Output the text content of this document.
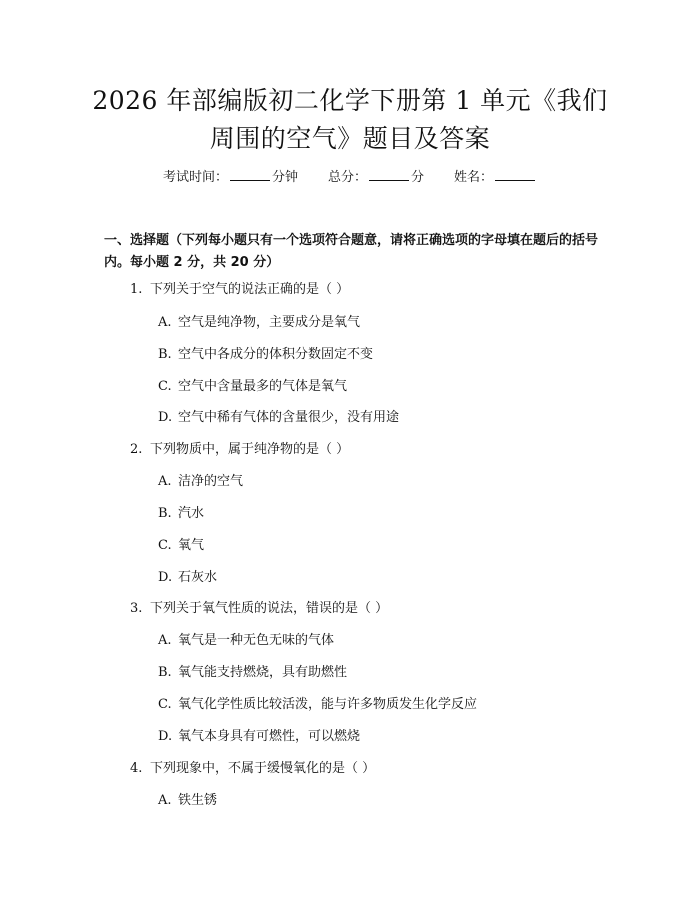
2026 年部编版初二化学下册第 1 单元《我们
周围的空气》题目及答案
考试时间：	分钟 总分：	分 姓名：
一、选择题（下列每小题只有一个选项符合题意，请将正确选项的字母填在题后的括号内。每小题 2 分，共 20 分）
1. 下列关于空气的说法正确的是（ ）
A. 空气是纯净物，主要成分是氧气
B. 空气中各成分的体积分数固定不变
C. 空气中含量最多的气体是氧气
D. 空气中稀有气体的含量很少，没有用途
2. 下列物质中，属于纯净物的是（ ）
A. 洁净的空气
B. 汽水
C. 氧气
D. 石灰水
3. 下列关于氧气性质的说法，错误的是（ ）
A. 氧气是一种无色无味的气体
B. 氧气能支持燃烧，具有助燃性
C. 氧气化学性质比较活泼，能与许多物质发生化学反应
D. 氧气本身具有可燃性，可以燃烧
4. 下列现象中，不属于缓慢氧化的是（ ）
A. 铁生锈
